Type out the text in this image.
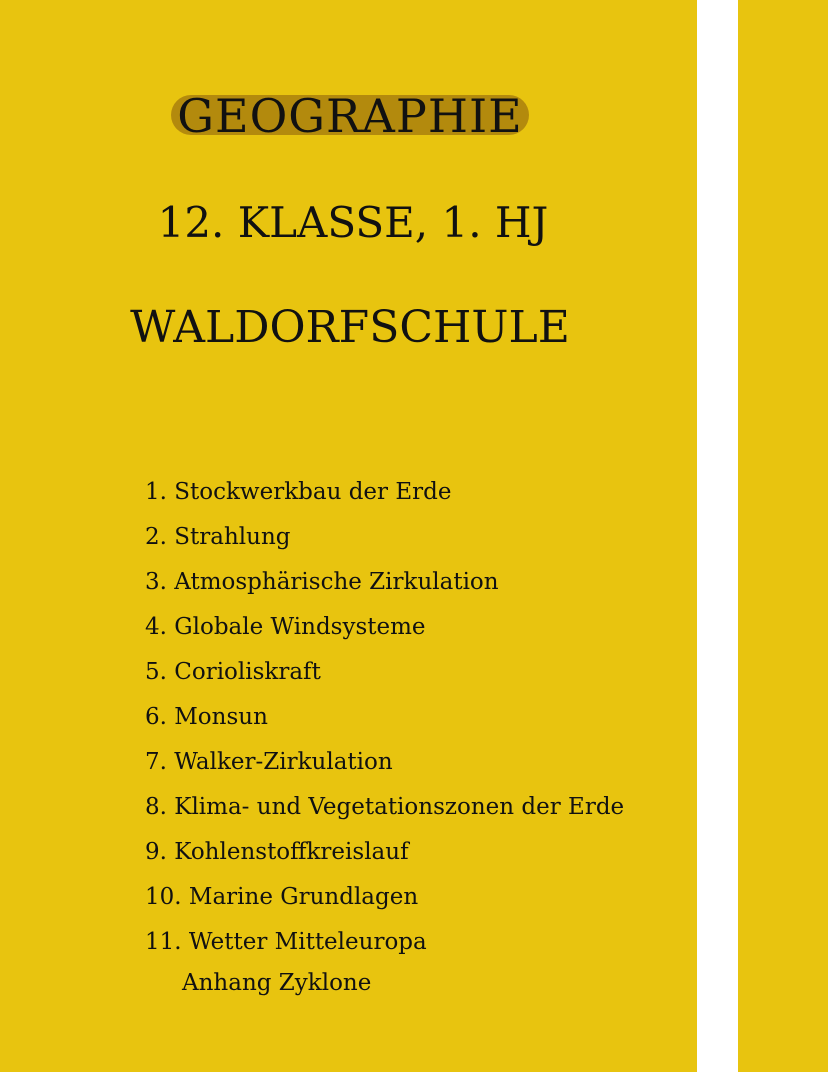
GEOGRAPHIE
12. KLASSE, 1. HJ
WALDORFSCHULE
1. Stockwerkbau der Erde
2. Strahlung
3. Atmosphärische Zirkulation
4. Globale Windsysteme
5. Corioliskraft
6. Monsun
7. Walker-Zirkulation
8. Klima- und Vegetationszonen der Erde
9. Kohlenstoffkreislauf
10. Marine Grundlagen
11. Wetter Mitteleuropa

Anhang Zyklone
